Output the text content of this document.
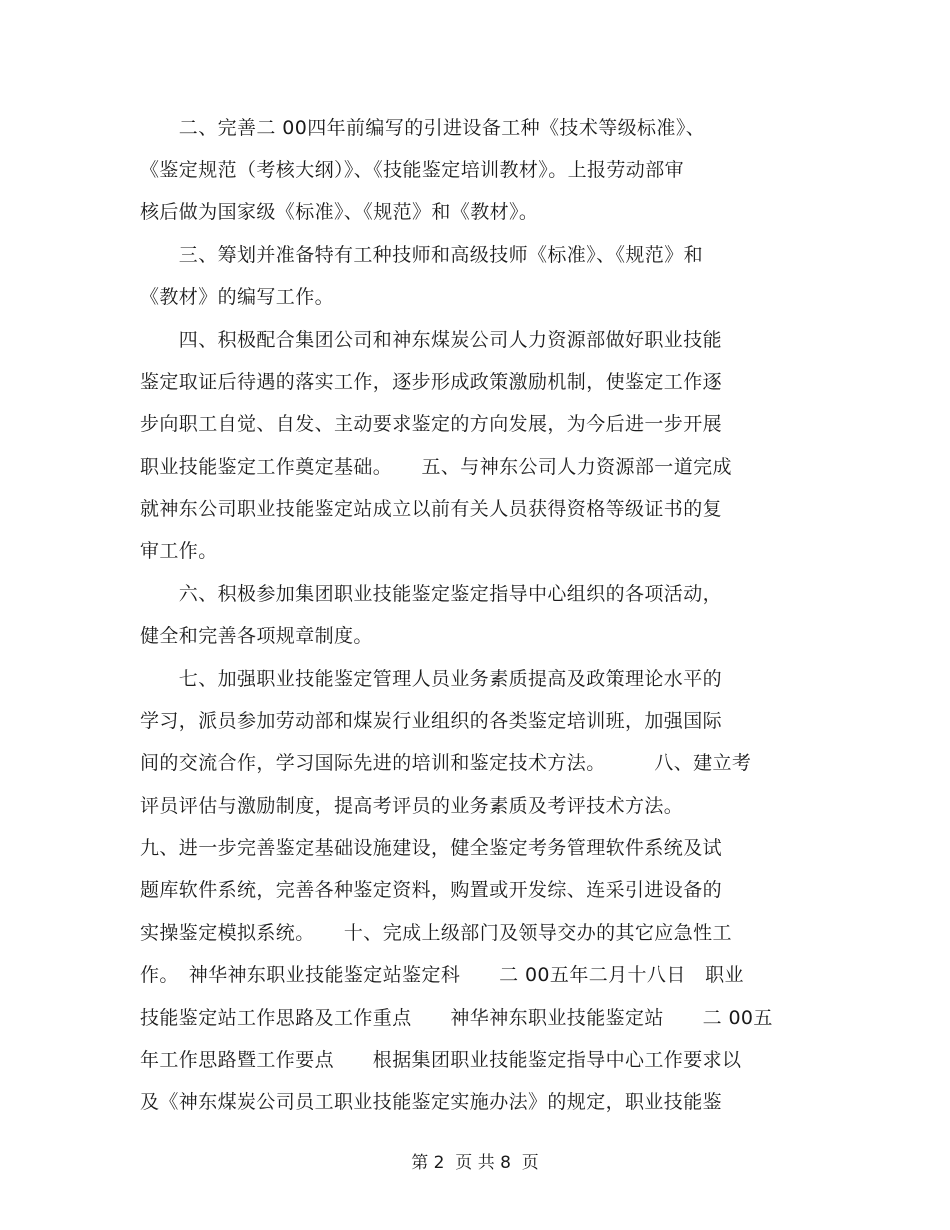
　　二、完善二 00四年前编写的引进设备工种《技术等级标准》、
《鉴定规范（考核大纲）》、《技能鉴定培训教材》。上报劳动部审
核后做为国家级《标准》、《规范》和《教材》。
　　三、筹划并准备特有工种技师和高级技师《标准》、《规范》和
《教材》的编写工作。
　　四、积极配合集团公司和神东煤炭公司人力资源部做好职业技能
鉴定取证后待遇的落实工作，逐步形成政策激励机制，使鉴定工作逐
步向职工自觉、自发、主动要求鉴定的方向发展，为今后进一步开展
职业技能鉴定工作奠定基础。　　五、与神东公司人力资源部一道完成
就神东公司职业技能鉴定站成立以前有关人员获得资格等级证书的复
审工作。
　　六、积极参加集团职业技能鉴定鉴定指导中心组织的各项活动，
健全和完善各项规章制度。
　　七、加强职业技能鉴定管理人员业务素质提高及政策理论水平的
学习，派员参加劳动部和煤炭行业组织的各类鉴定培训班，加强国际
间的交流合作，学习国际先进的培训和鉴定技术方法。　　　八、建立考
评员评估与激励制度，提高考评员的业务素质及考评技术方法。
九、进一步完善鉴定基础设施建设，健全鉴定考务管理软件系统及试
题库软件系统，完善各种鉴定资料，购置或开发综、连采引进设备的
实操鉴定模拟系统。　　十、完成上级部门及领导交办的其它应急性工
作。　神华神东职业技能鉴定站鉴定科　　二 00五年二月十八日　职业
技能鉴定站工作思路及工作重点　　神华神东职业技能鉴定站　　二 00五
年工作思路暨工作要点　　根据集团职业技能鉴定指导中心工作要求以
及《神东煤炭公司员工职业技能鉴定实施办法》的规定，职业技能鉴
第 2  页 共 8  页
